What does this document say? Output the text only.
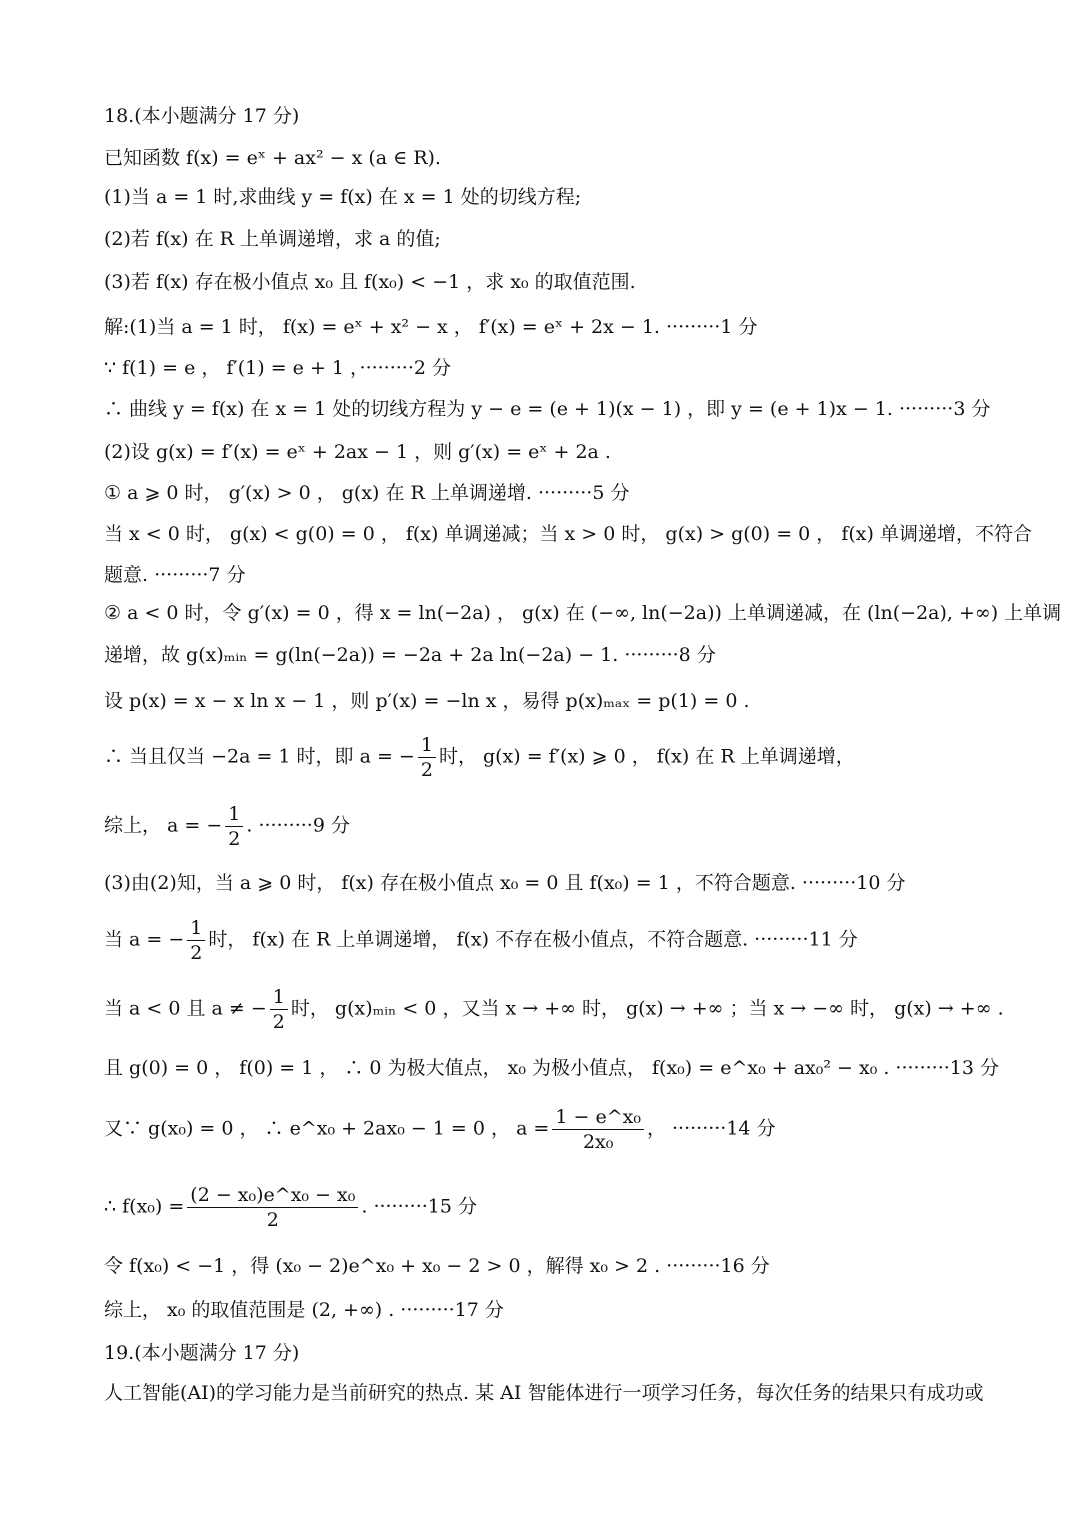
18.(本小题满分 17 分)
已知函数 f(x) = eˣ + ax² − x (a ∈ R).
(1)当 a = 1 时,求曲线 y = f(x) 在 x = 1 处的切线方程;
(2)若 f(x) 在 R 上单调递增，求 a 的值;
(3)若 f(x) 存在极小值点 x₀ 且 f(x₀) < −1 ，求 x₀ 的取值范围.
解:(1)当 a = 1 时， f(x) = eˣ + x² − x ， f′(x) = eˣ + 2x − 1. ·········1 分
∵ f(1) = e ， f′(1) = e + 1 ，·········2 分
∴ 曲线 y = f(x) 在 x = 1 处的切线方程为 y − e = (e + 1)(x − 1) ，即 y = (e + 1)x − 1. ·········3 分
(2)设 g(x) = f′(x) = eˣ + 2ax − 1 ，则 g′(x) = eˣ + 2a .
① a ⩾ 0 时， g′(x) > 0 ， g(x) 在 R 上单调递增. ·········5 分
当 x < 0 时， g(x) < g(0) = 0 ， f(x) 单调递减；当 x > 0 时， g(x) > g(0) = 0 ， f(x) 单调递增，不符合
题意. ·········7 分
② a < 0 时，令 g′(x) = 0 ，得 x = ln(−2a) ， g(x) 在 (−∞, ln(−2a)) 上单调递减，在 (ln(−2a), +∞) 上单调
递增，故 g(x)ₘᵢₙ = g(ln(−2a)) = −2a + 2a ln(−2a) − 1. ·········8 分
设 p(x) = x − x ln x − 1 ，则 p′(x) = −ln x ，易得 p(x)ₘₐₓ = p(1) = 0 .
∴ 当且仅当 −2a = 1 时，即 a = − $\frac{1}{2}$ 时， g(x) = f′(x) ⩾ 0 ， f(x) 在 R 上单调递增，
综上， a = − $\frac{1}{2}$ . ·········9 分
(3)由(2)知，当 a ⩾ 0 时， f(x) 存在极小值点 x₀ = 0 且 f(x₀) = 1 ，不符合题意. ·········10 分
当 a = − $\frac{1}{2}$ 时， f(x) 在 R 上单调递增， f(x) 不存在极小值点，不符合题意. ·········11 分
当 a < 0 且 a ≠ − $\frac{1}{2}$ 时， g(x)ₘᵢₙ < 0 ，又当 x → +∞ 时， g(x) → +∞ ；当 x → −∞ 时， g(x) → +∞ .
且 g(0) = 0 ， f(0) = 1 ， ∴ 0 为极大值点， x₀ 为极小值点， f(x₀) = e^x₀ + ax₀² − x₀ . ·········13 分
又∵ g(x₀) = 0 ， ∴ e^x₀ + 2ax₀ − 1 = 0 ， $a = \frac{\text{1 − e\textasciicircum{}x₀}}{\text{2x₀}}$ ， ·········14 分
∴ $f(x_0) = \frac{\text{(2 − x₀)e\textasciicircum{}x₀ − x₀}}{2}$ . ·········15 分
令 f(x₀) < −1 ，得 (x₀ − 2)e^x₀ + x₀ − 2 > 0 ，解得 x₀ > 2 . ·········16 分
综上， x₀ 的取值范围是 (2, +∞) . ·········17 分
19.(本小题满分 17 分)
人工智能(AI)的学习能力是当前研究的热点. 某 AI 智能体进行一项学习任务，每次任务的结果只有成功或
